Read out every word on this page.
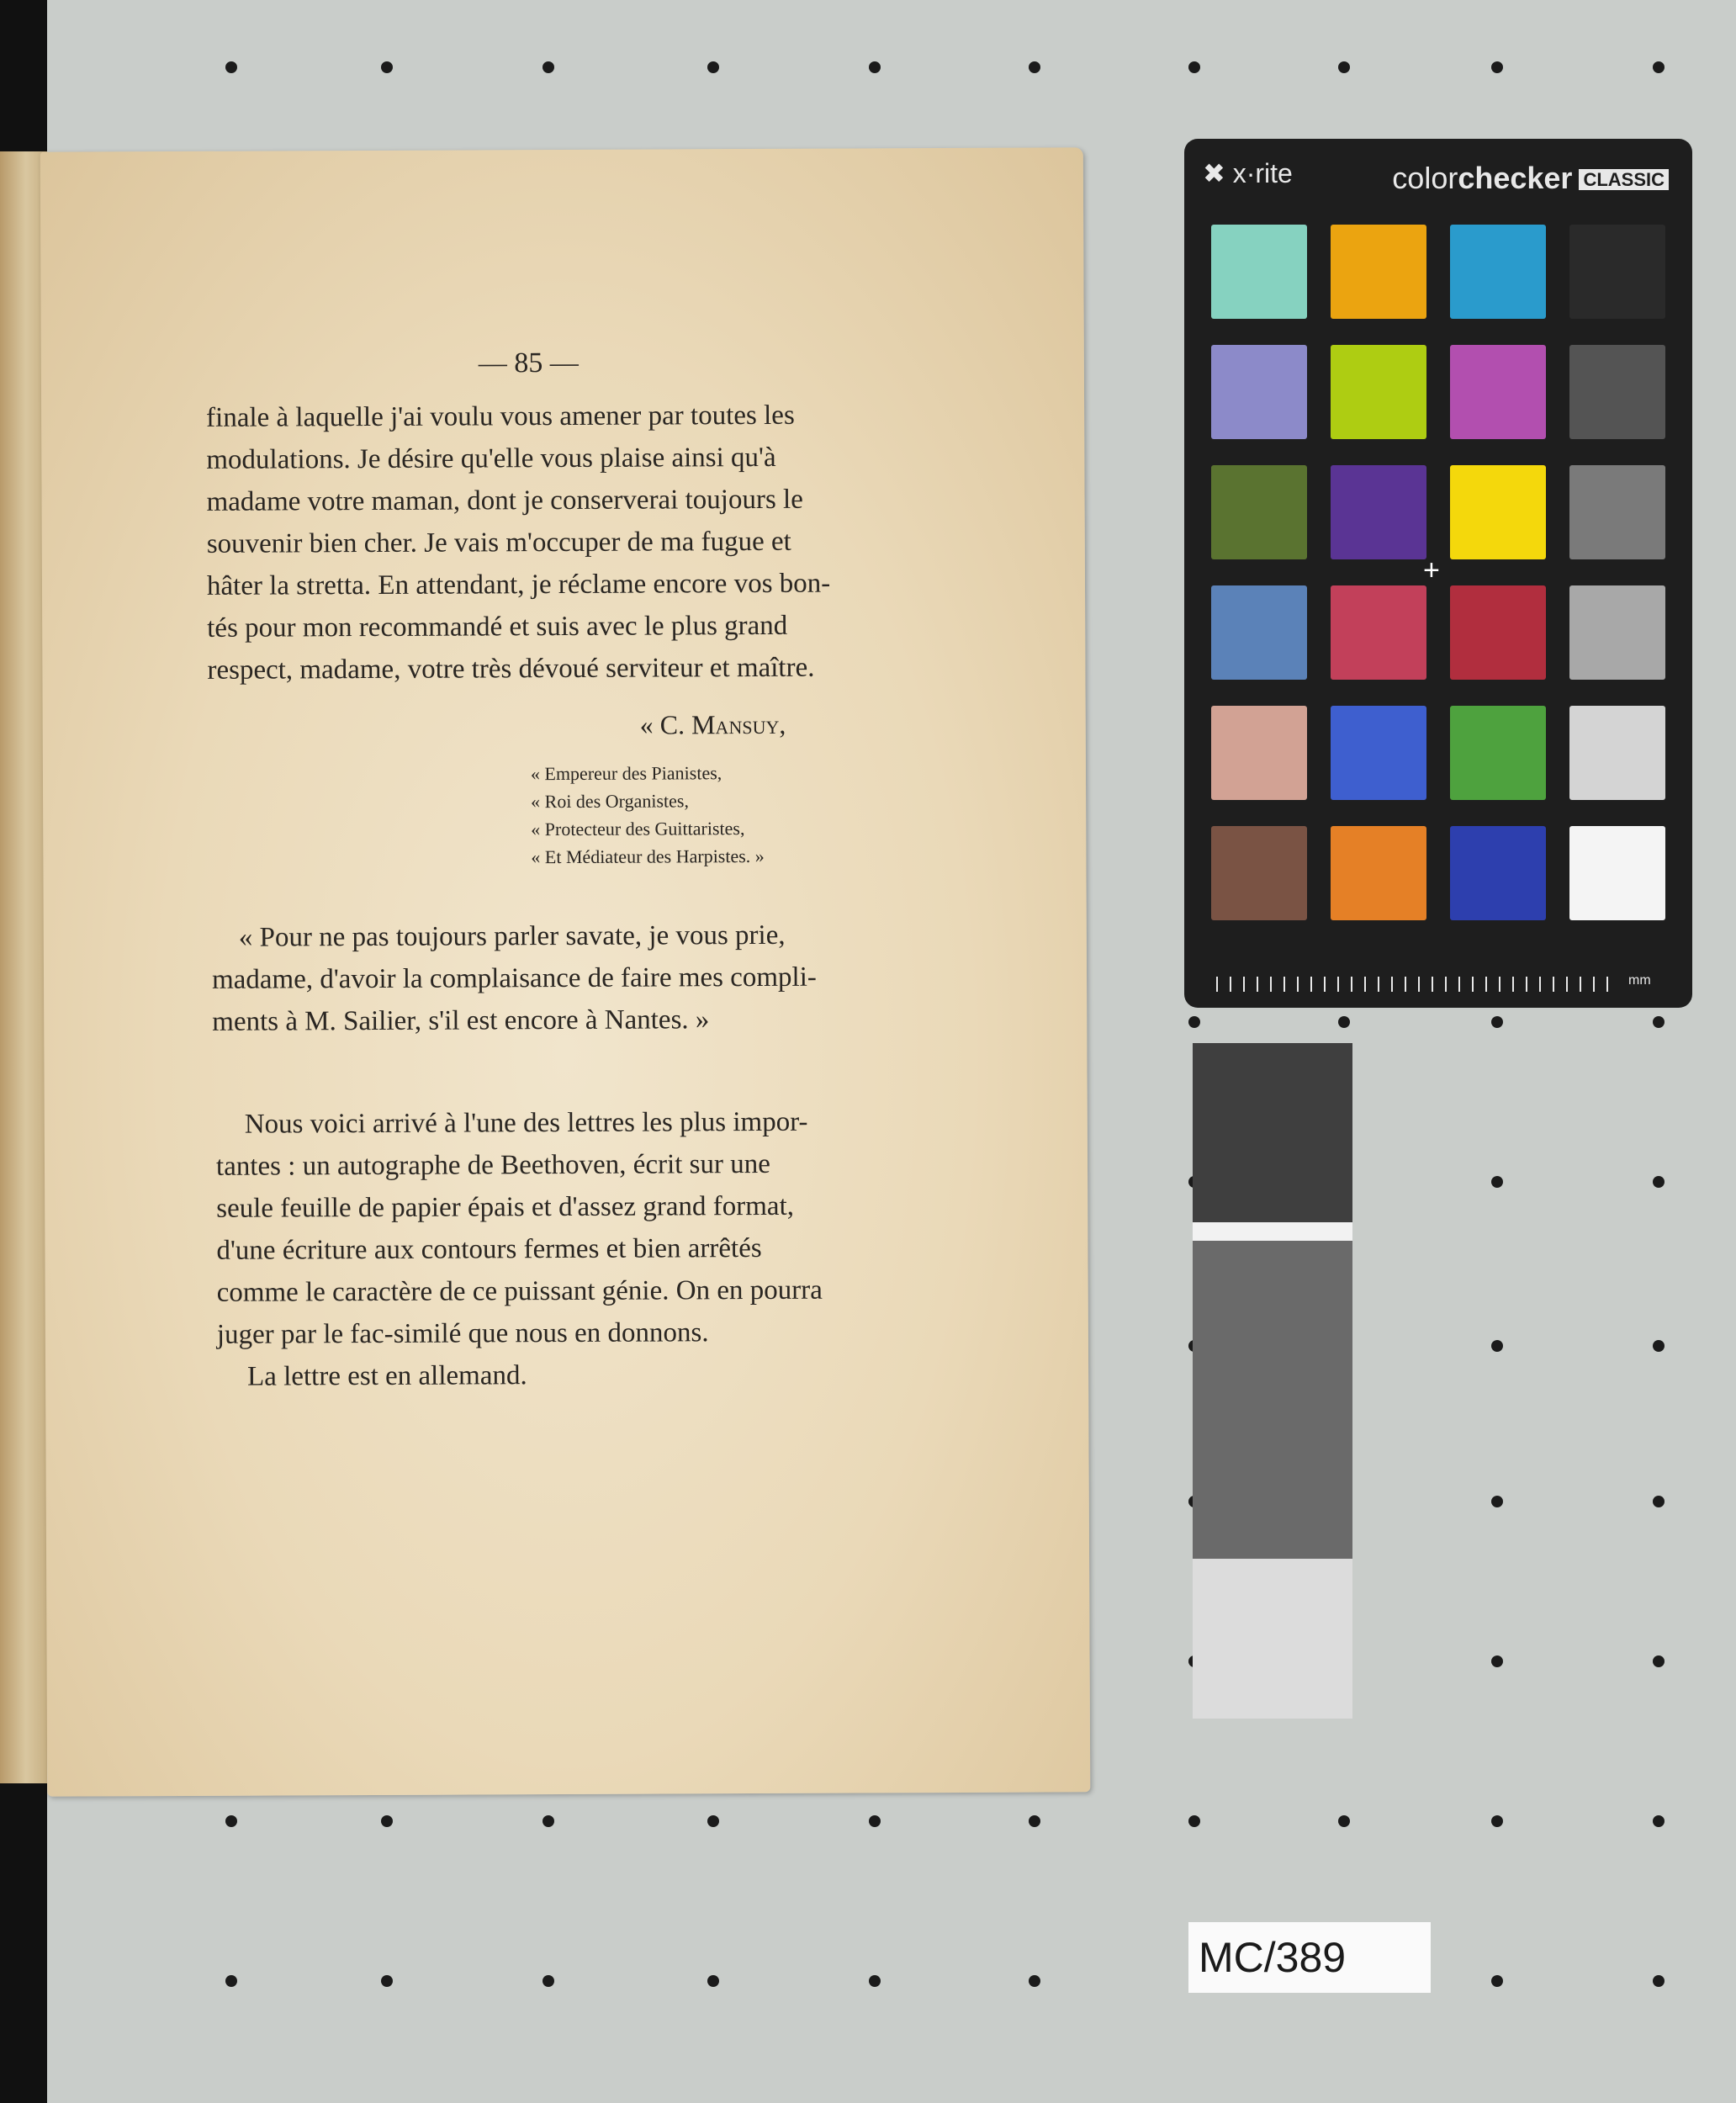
— 85 —
finale à laquelle j'ai voulu vous amener par toutes les
modulations. Je désire qu'elle vous plaise ainsi qu'à
madame votre maman, dont je conserverai toujours le
souvenir bien cher. Je vais m'occuper de ma fugue et
hâter la stretta. En attendant, je réclame encore vos bon-
tés pour mon recommandé et suis avec le plus grand
respect, madame, votre très dévoué serviteur et maître.
« C. Mansuy,
« Empereur des Pianistes,
« Roi des Organistes,
« Protecteur des Guittaristes,
« Et Médiateur des Harpistes. »
« Pour ne pas toujours parler savate, je vous prie,
madame, d'avoir la complaisance de faire mes compli-
ments à M. Sailier, s'il est encore à Nantes. »
Nous voici arrivé à l'une des lettres les plus impor-
tantes : un autographe de Beethoven, écrit sur une
seule feuille de papier épais et d'assez grand format,
d'une écriture aux contours fermes et bien arrêtés
comme le caractère de ce puissant génie. On en pourra
juger par le fac-similé que nous en donnons.
La lettre est en allemand.
✖ x·rite	colorchecker CLASSIC
+
mm
MC/389
